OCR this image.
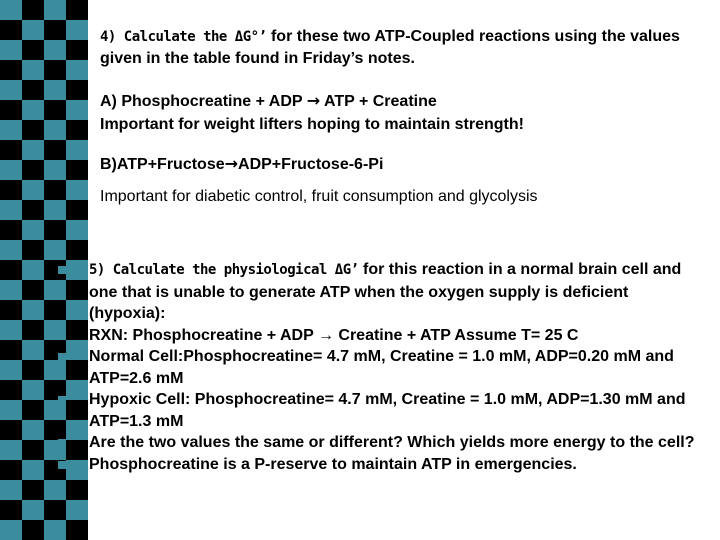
4) Calculate the ΔG°’ for these two ATP-Coupled reactions using the values given in the table found in Friday’s notes.
A) Phosphocreatine + ADP → ATP + Creatine
Important for weight lifters hoping to maintain strength!
B)ATP+Fructose→ADP+Fructose-6-Pi
Important for diabetic control, fruit consumption and glycolysis
5) Calculate the physiological ΔG’ for this reaction in a normal brain cell and one that is unable to generate ATP when the oxygen supply is deficient (hypoxia):
RXN: Phosphocreatine + ADP → Creatine + ATP Assume T= 25 C
Normal Cell:Phosphocreatine= 4.7 mM, Creatine = 1.0 mM, ADP=0.20 mM and ATP=2.6 mM
Hypoxic Cell: Phosphocreatine= 4.7 mM, Creatine = 1.0 mM, ADP=1.30 mM and ATP=1.3 mM
Are the two values the same or different? Which yields more energy to the cell?
Phosphocreatine is a P-reserve to maintain ATP in emergencies.
